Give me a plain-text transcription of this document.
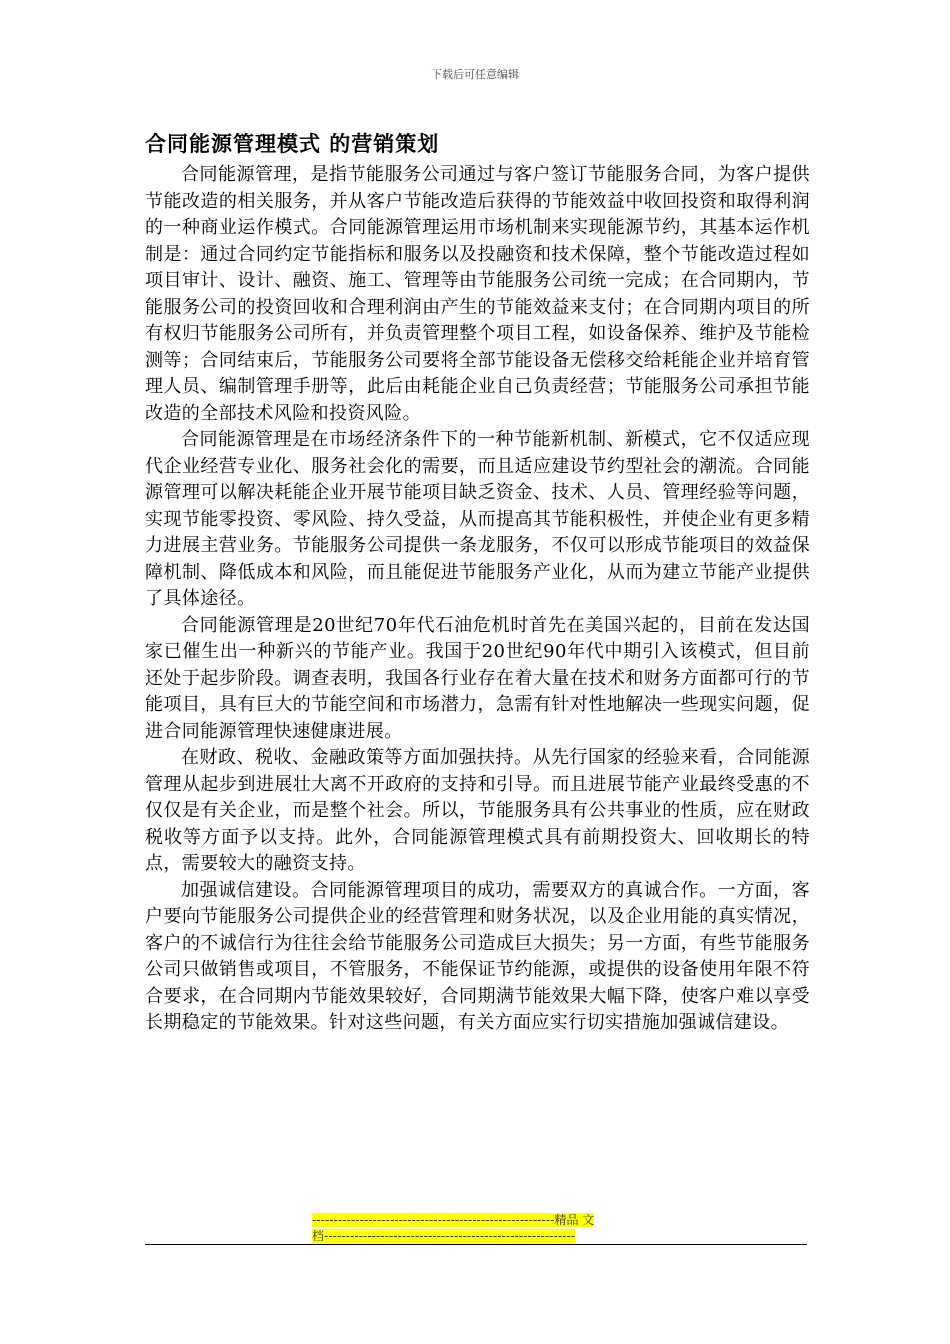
下载后可任意编辑
合同能源管理模式 的营销策划

合同能源管理，是指节能服务公司通过与客户签订节能服务合同，为客户提供节能改造的相关服务，并从客户节能改造后获得的节能效益中收回投资和取得利润的一种商业运作模式。合同能源管理运用市场机制来实现能源节约，其基本运作机制是：通过合同约定节能指标和服务以及投融资和技术保障，整个节能改造过程如项目审计、设计、融资、施工、管理等由节能服务公司统一完成；在合同期内，节能服务公司的投资回收和合理利润由产生的节能效益来支付；在合同期内项目的所有权归节能服务公司所有，并负责管理整个项目工程，如设备保养、维护及节能检测等；合同结束后，节能服务公司要将全部节能设备无偿移交给耗能企业并培育管理人员、编制管理手册等，此后由耗能企业自己负责经营；节能服务公司承担节能改造的全部技术风险和投资风险。

合同能源管理是在市场经济条件下的一种节能新机制、新模式，它不仅适应现代企业经营专业化、服务社会化的需要，而且适应建设节约型社会的潮流。合同能源管理可以解决耗能企业开展节能项目缺乏资金、技术、人员、管理经验等问题，实现节能零投资、零风险、持久受益，从而提高其节能积极性，并使企业有更多精力进展主营业务。节能服务公司提供一条龙服务，不仅可以形成节能项目的效益保障机制、降低成本和风险，而且能促进节能服务产业化，从而为建立节能产业提供了具体途径。

合同能源管理是20世纪70年代石油危机时首先在美国兴起的，目前在发达国家已催生出一种新兴的节能产业。我国于20世纪90年代中期引入该模式，但目前还处于起步阶段。调查表明，我国各行业存在着大量在技术和财务方面都可行的节能项目，具有巨大的节能空间和市场潜力，急需有针对性地解决一些现实问题，促进合同能源管理快速健康进展。

在财政、税收、金融政策等方面加强扶持。从先行国家的经验来看，合同能源管理从起步到进展壮大离不开政府的支持和引导。而且进展节能产业最终受惠的不仅仅是有关企业，而是整个社会。所以，节能服务具有公共事业的性质，应在财政税收等方面予以支持。此外，合同能源管理模式具有前期投资大、回收期长的特点，需要较大的融资支持。

加强诚信建设。合同能源管理项目的成功，需要双方的真诚合作。一方面，客户要向节能服务公司提供企业的经营管理和财务状况，以及企业用能的真实情况，客户的不诚信行为往往会给节能服务公司造成巨大损失；另一方面，有些节能服务公司只做销售或项目，不管服务，不能保证节约能源，或提供的设备使用年限不符合要求，在合同期内节能效果较好，合同期满节能效果大幅下降，使客户难以享受长期稳定的节能效果。针对这些问题，有关方面应实行切实措施加强诚信建设。

--------------------------------------------------------精品 文
档----------------------------------------------------------
